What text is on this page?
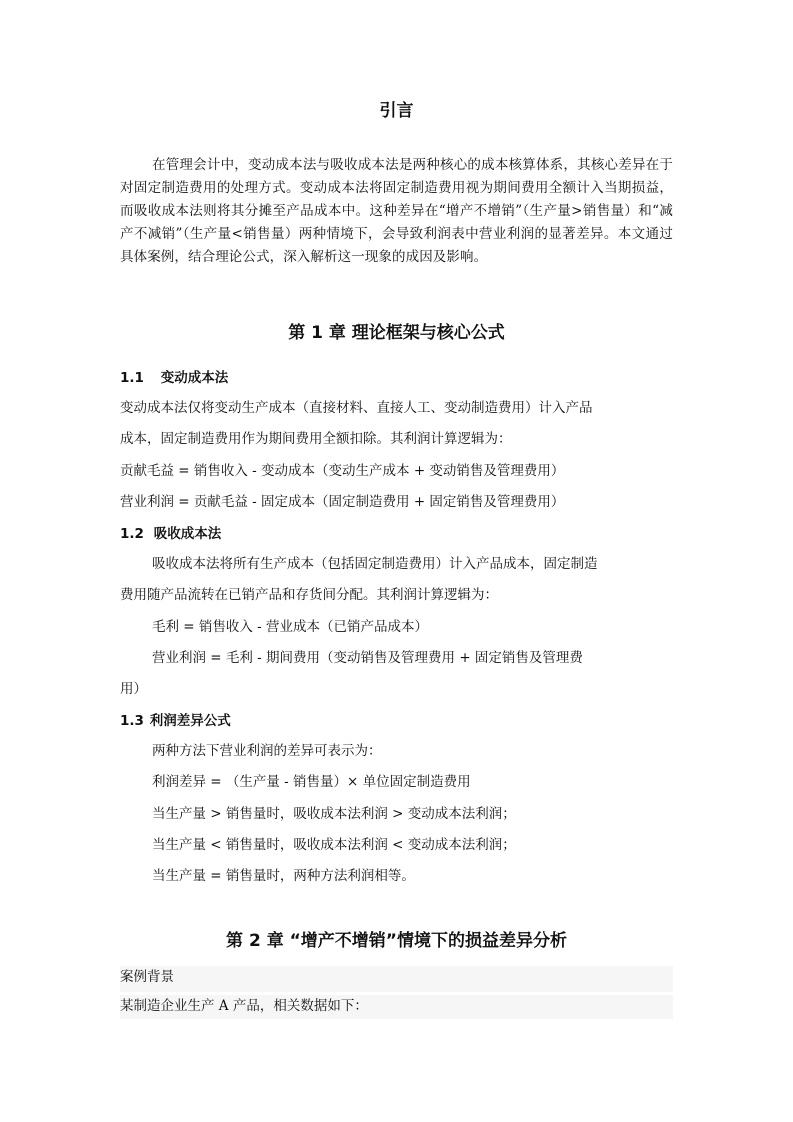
引言
在管理会计中，变动成本法与吸收成本法是两种核心的成本核算体系，其核心差异在于对固定制造费用的处理方式。变动成本法将固定制造费用视为期间费用全额计入当期损益，而吸收成本法则将其分摊至产品成本中。这种差异在“增产不增销”（生产量>销售量）和“减产不减销”（生产量<销售量）两种情境下，会导致利润表中营业利润的显著差异。本文通过具体案例，结合理论公式，深入解析这一现象的成因及影响。
第 1 章 理论框架与核心公式
1.1 变动成本法
变动成本法仅将变动生产成本（直接材料、直接人工、变动制造费用）计入产品
成本，固定制造费用作为期间费用全额扣除。其利润计算逻辑为：
贡献毛益 = 销售收入 - 变动成本（变动生产成本 + 变动销售及管理费用）
营业利润 = 贡献毛益 - 固定成本（固定制造费用 + 固定销售及管理费用）
1.2 吸收成本法
吸收成本法将所有生产成本（包括固定制造费用）计入产品成本，固定制造
费用随产品流转在已销产品和存货间分配。其利润计算逻辑为：
毛利 = 销售收入 - 营业成本（已销产品成本）
营业利润 = 毛利 - 期间费用（变动销售及管理费用 + 固定销售及管理费
用）
1.3 利润差异公式
两种方法下营业利润的差异可表示为：
利润差异 = （生产量 - 销售量）× 单位固定制造费用
当生产量 > 销售量时，吸收成本法利润 > 变动成本法利润；
当生产量 < 销售量时，吸收成本法利润 < 变动成本法利润；
当生产量 = 销售量时，两种方法利润相等。
第 2 章 “增产不增销”情境下的损益差异分析
案例背景
某制造企业生产 A 产品，相关数据如下：
